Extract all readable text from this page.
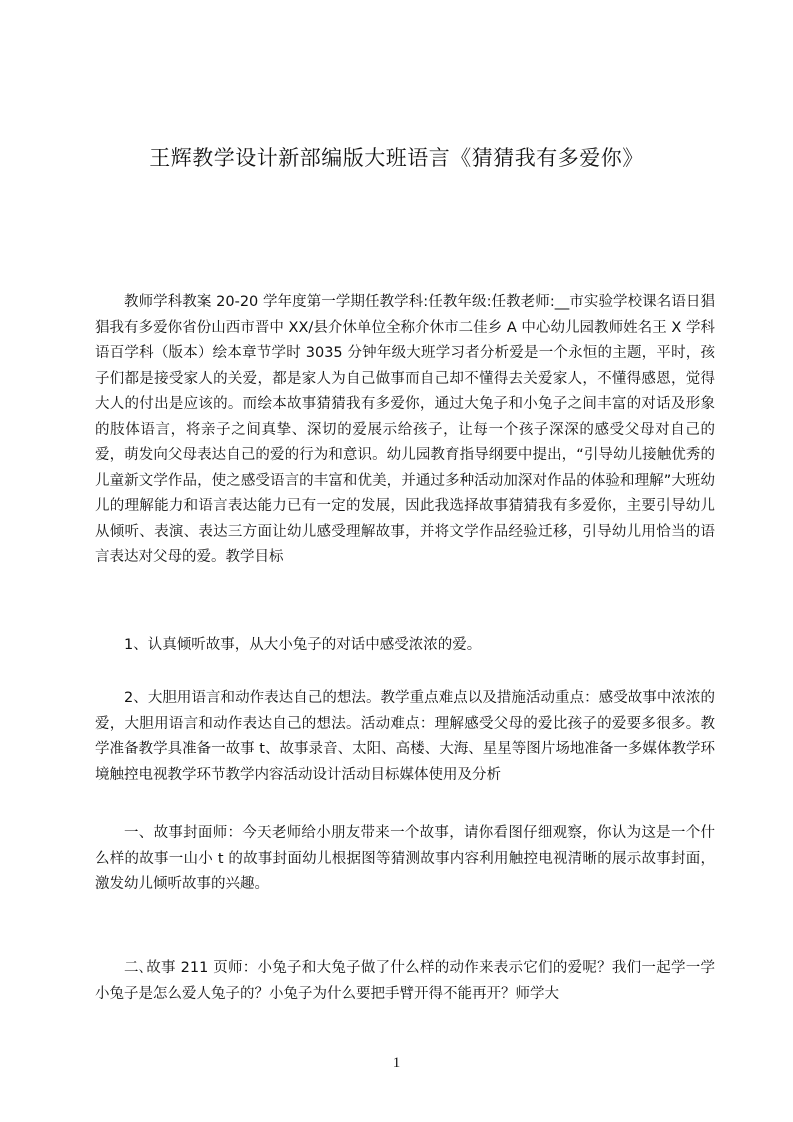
王辉教学设计新部编版大班语言《猜猜我有多爱你》

教师学科教案 20-20 学年度第一学期任教学科:任教年级:任教老师:__市实验学校课名语日猖猖我有多爱你省份山西市晋中 XX/县介休单位全称介休市二佳乡 A 中心幼儿园教师姓名王 X 学科语百学科（版本）绘本章节学时 3035 分钟年级大班学习者分析爱是一个永恒的主题，平时，孩子们都是接受家人的关爱，都是家人为自己做事而自己却不懂得去关爱家人，不懂得感恩，觉得大人的付出是应该的。而绘本故事猜猜我有多爱你，通过大兔子和小兔子之间丰富的对话及形象的肢体语言，将亲子之间真挚、深切的爱展示给孩子，让每一个孩子深深的感受父母对自己的爱，萌发向父母表达自己的爱的行为和意识。幼儿园教育指导纲要中提出，“引导幼儿接触优秀的儿童新文学作品，使之感受语言的丰富和优美，并通过多种活动加深对作品的体验和理解”大班幼儿的理解能力和语言表达能力已有一定的发展，因此我选择故事猜猜我有多爱你，主要引导幼儿从倾听、表演、表达三方面让幼儿感受理解故事，并将文学作品经验迁移，引导幼儿用恰当的语言表达对父母的爱。教学目标

1、认真倾听故事，从大小兔子的对话中感受浓浓的爱。

2、大胆用语言和动作表达自己的想法。教学重点难点以及措施活动重点：感受故事中浓浓的爱，大胆用语言和动作表达自己的想法。活动难点：理解感受父母的爱比孩子的爱要多很多。教学准备教学具准备一故事 t、故事录音、太阳、高楼、大海、星星等图片场地准备一多媒体教学环境触控电视教学环节教学内容活动设计活动目标媒体使用及分析

一、故事封面师：今天老师给小朋友带来一个故事，请你看图仔细观察，你认为这是一个什么样的故事一山小 t 的故事封面幼儿根据图等猜测故事内容利用触控电视清晰的展示故事封面，激发幼儿倾听故事的兴趣。

二､故事 211 页师：小兔子和大兔子做了什么样的动作来表示它们的爱呢？我们一起学一学小兔子是怎么爱人兔子的？小兔子为什么要把手臂开得不能再开？师学大

1
